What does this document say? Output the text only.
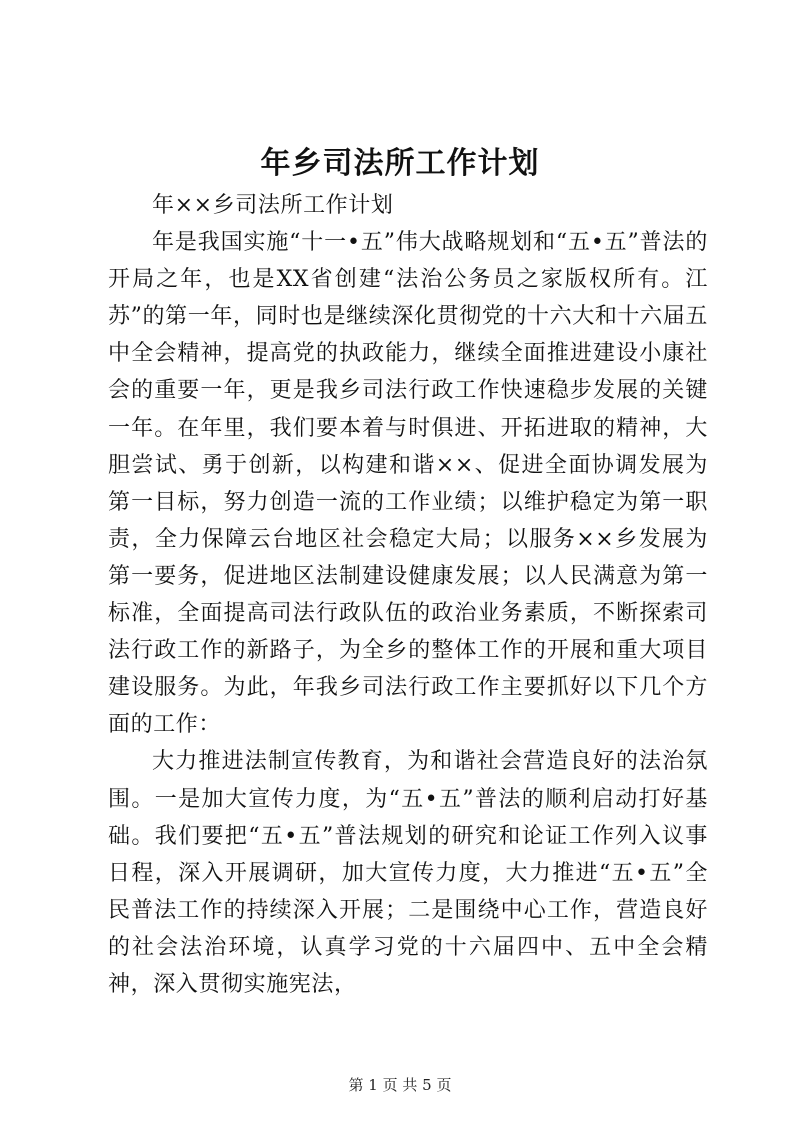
年乡司法所工作计划

年××乡司法所工作计划

年是我国实施“十一•五”伟大战略规划和“五•五”普法的开局之年，也是XX省创建“法治公务员之家版权所有。江苏”的第一年，同时也是继续深化贯彻党的十六大和十六届五中全会精神，提高党的执政能力，继续全面推进建设小康社会的重要一年，更是我乡司法行政工作快速稳步发展的关键一年。在年里，我们要本着与时俱进、开拓进取的精神，大胆尝试、勇于创新，以构建和谐××、促进全面协调发展为第一目标，努力创造一流的工作业绩；以维护稳定为第一职责，全力保障云台地区社会稳定大局；以服务××乡发展为第一要务，促进地区法制建设健康发展；以人民满意为第一标准，全面提高司法行政队伍的政治业务素质，不断探索司法行政工作的新路子，为全乡的整体工作的开展和重大项目建设服务。为此，年我乡司法行政工作主要抓好以下几个方面的工作：

大力推进法制宣传教育，为和谐社会营造良好的法治氛围。一是加大宣传力度，为“五•五”普法的顺利启动打好基础。我们要把“五•五”普法规划的研究和论证工作列入议事日程，深入开展调研，加大宣传力度，大力推进“五•五”全民普法工作的持续深入开展；二是围绕中心工作，营造良好的社会法治环境，认真学习党的十六届四中、五中全会精神，深入贯彻实施宪法，

第 1 页 共 5 页
